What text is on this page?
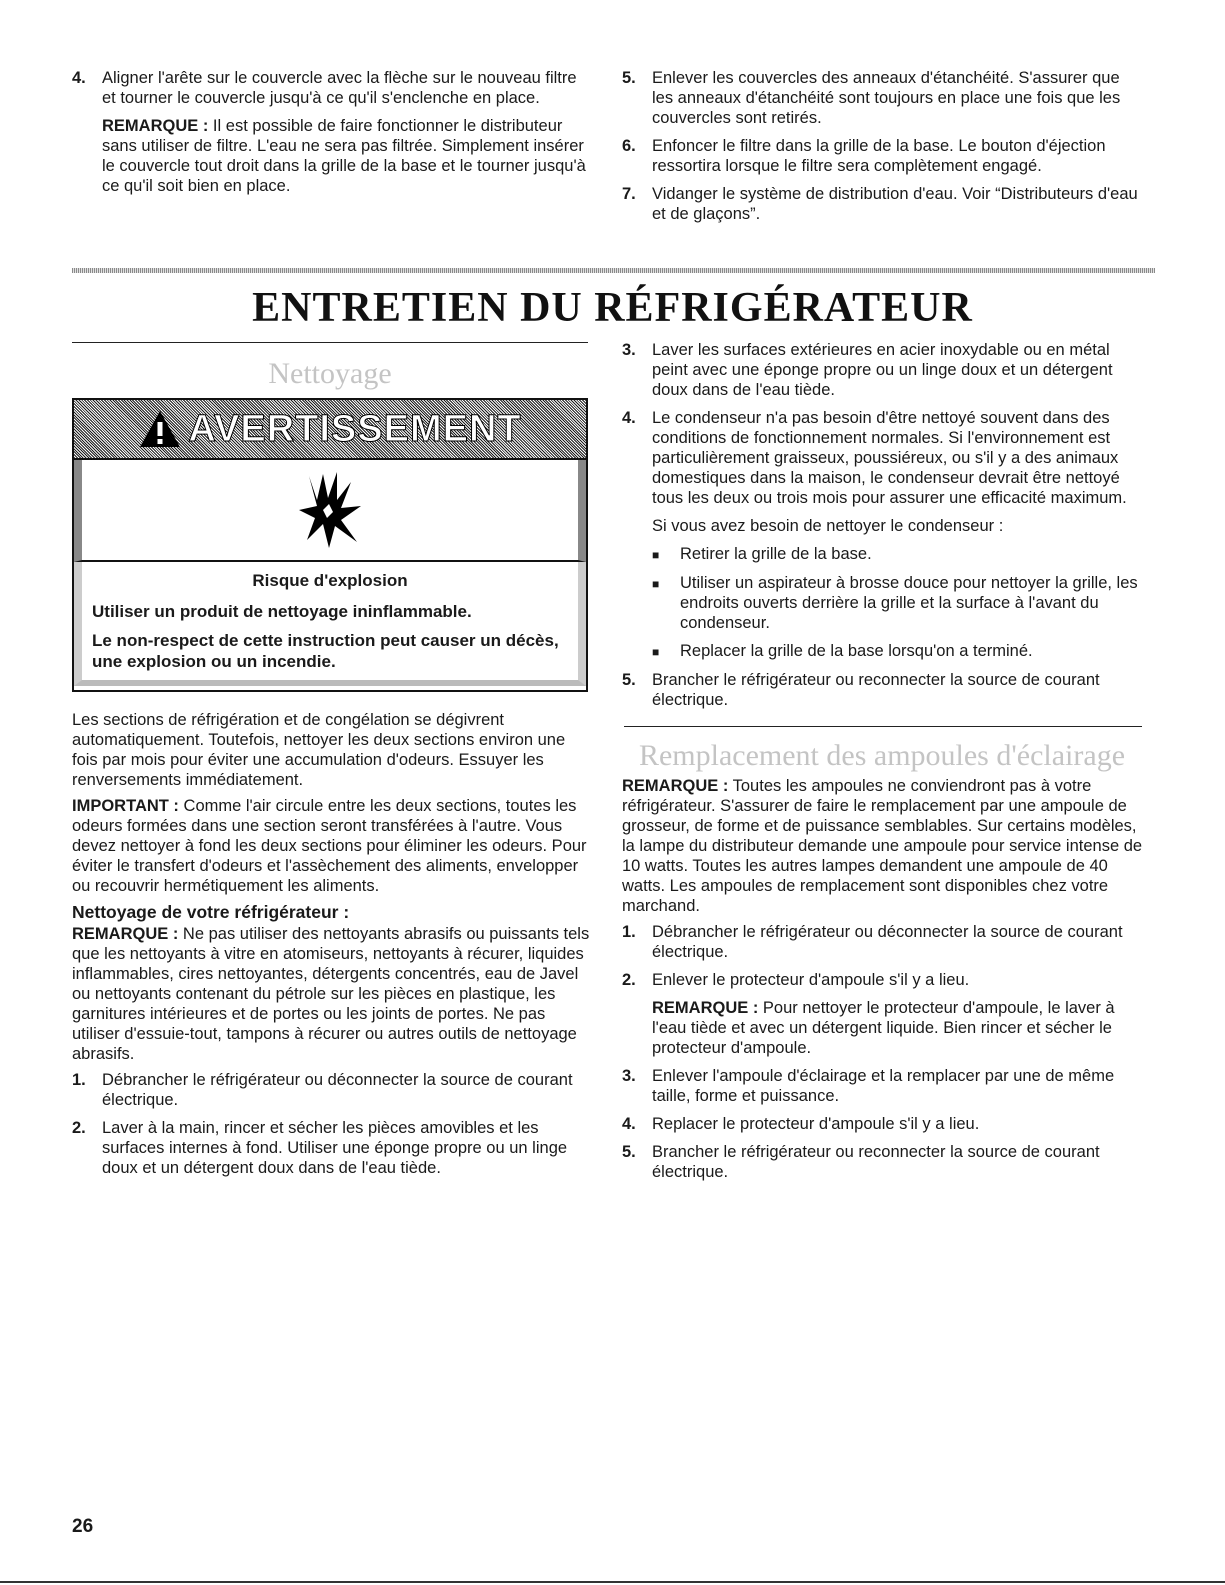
4. Aligner l'arête sur le couvercle avec la flèche sur le nouveau filtre et tourner le couvercle jusqu'à ce qu'il s'enclenche en place.
REMARQUE : Il est possible de faire fonctionner le distributeur sans utiliser de filtre. L'eau ne sera pas filtrée. Simplement insérer le couvercle tout droit dans la grille de la base et le tourner jusqu'à ce qu'il soit bien en place.
5. Enlever les couvercles des anneaux d'étanchéité. S'assurer que les anneaux d'étanchéité sont toujours en place une fois que les couvercles sont retirés.
6. Enfoncer le filtre dans la grille de la base. Le bouton d'éjection ressortira lorsque le filtre sera complètement engagé.
7. Vidanger le système de distribution d'eau. Voir “Distributeurs d'eau et de glaçons”.
ENTRETIEN DU RÉFRIGÉRATEUR
Nettoyage
AVERTISSEMENT
Risque d'explosion
Utiliser un produit de nettoyage ininflammable.
Le non-respect de cette instruction peut causer un décès, une explosion ou un incendie.
Les sections de réfrigération et de congélation se dégivrent automatiquement. Toutefois, nettoyer les deux sections environ une fois par mois pour éviter une accumulation d'odeurs. Essuyer les renversements immédiatement.
IMPORTANT : Comme l'air circule entre les deux sections, toutes les odeurs formées dans une section seront transférées à l'autre. Vous devez nettoyer à fond les deux sections pour éliminer les odeurs. Pour éviter le transfert d'odeurs et l'assèchement des aliments, envelopper ou recouvrir hermétiquement les aliments.
Nettoyage de votre réfrigérateur :
REMARQUE : Ne pas utiliser des nettoyants abrasifs ou puissants tels que les nettoyants à vitre en atomiseurs, nettoyants à récurer, liquides inflammables, cires nettoyantes, détergents concentrés, eau de Javel ou nettoyants contenant du pétrole sur les pièces en plastique, les garnitures intérieures et de portes ou les joints de portes. Ne pas utiliser d'essuie-tout, tampons à récurer ou autres outils de nettoyage abrasifs.
1. Débrancher le réfrigérateur ou déconnecter la source de courant électrique.
2. Laver à la main, rincer et sécher les pièces amovibles et les surfaces internes à fond. Utiliser une éponge propre ou un linge doux et un détergent doux dans de l'eau tiède.
3. Laver les surfaces extérieures en acier inoxydable ou en métal peint avec une éponge propre ou un linge doux et un détergent doux dans de l'eau tiède.
4. Le condenseur n'a pas besoin d'être nettoyé souvent dans des conditions de fonctionnement normales. Si l'environnement est particulièrement graisseux, poussiéreux, ou s'il y a des animaux domestiques dans la maison, le condenseur devrait être nettoyé tous les deux ou trois mois pour assurer une efficacité maximum.
Si vous avez besoin de nettoyer le condenseur :
■	Retirer la grille de la base.
■	Utiliser un aspirateur à brosse douce pour nettoyer la grille, les endroits ouverts derrière la grille et la surface à l'avant du condenseur.
■	Replacer la grille de la base lorsqu'on a terminé.
5. Brancher le réfrigérateur ou reconnecter la source de courant électrique.
Remplacement des ampoules d'éclairage
REMARQUE : Toutes les ampoules ne conviendront pas à votre réfrigérateur. S'assurer de faire le remplacement par une ampoule de grosseur, de forme et de puissance semblables. Sur certains modèles, la lampe du distributeur demande une ampoule pour service intense de 10 watts. Toutes les autres lampes demandent une ampoule de 40 watts. Les ampoules de remplacement sont disponibles chez votre marchand.
1. Débrancher le réfrigérateur ou déconnecter la source de courant électrique.
2. Enlever le protecteur d'ampoule s'il y a lieu.
REMARQUE : Pour nettoyer le protecteur d'ampoule, le laver à l'eau tiède et avec un détergent liquide. Bien rincer et sécher le protecteur d'ampoule.
3. Enlever l'ampoule d'éclairage et la remplacer par une de même taille, forme et puissance.
4. Replacer le protecteur d'ampoule s'il y a lieu.
5. Brancher le réfrigérateur ou reconnecter la source de courant électrique.
26
